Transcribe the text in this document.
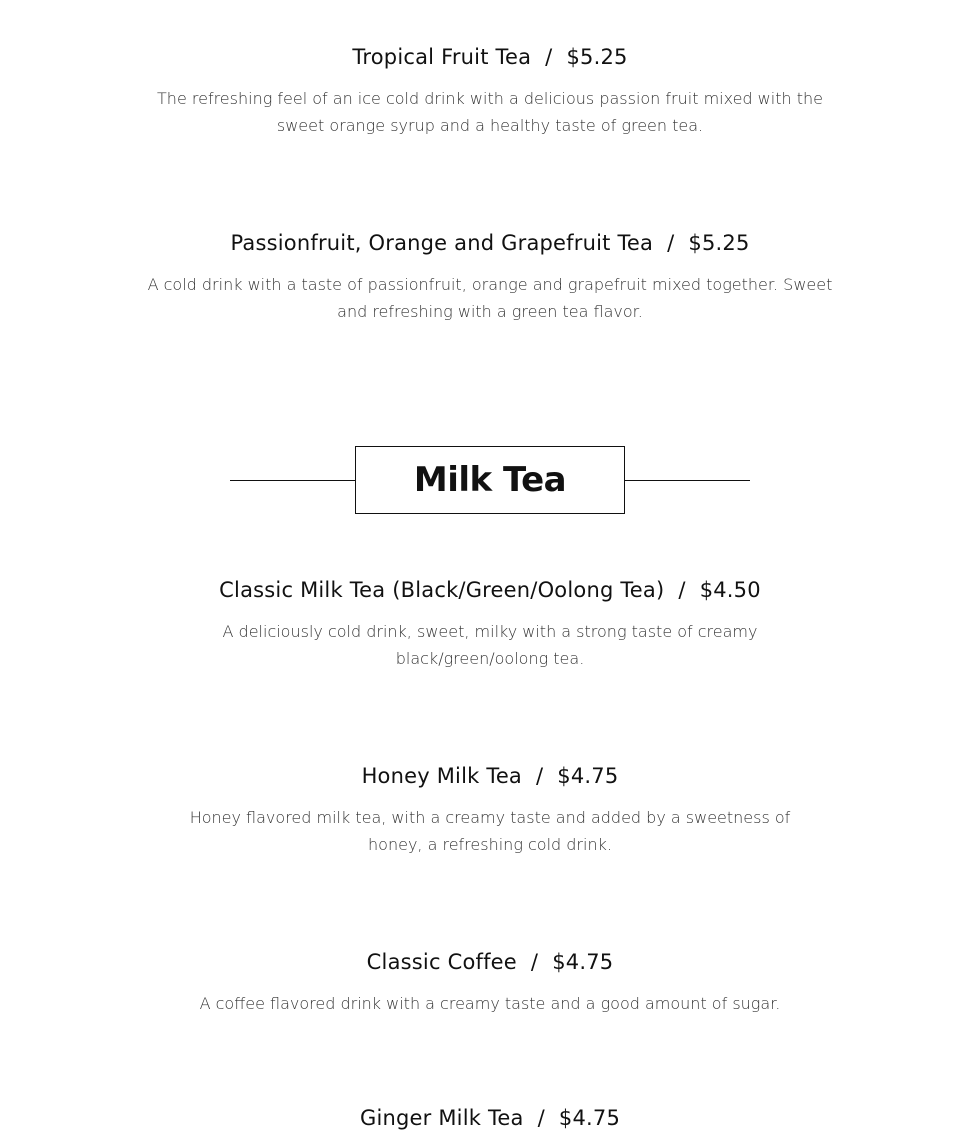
Tropical Fruit Tea / $5.25

The refreshing feel of an ice cold drink with a delicious passion fruit mixed with the sweet orange syrup and a healthy taste of green tea.

Passionfruit, Orange and Grapefruit Tea / $5.25

A cold drink with a taste of passionfruit, orange and grapefruit mixed together. Sweet and refreshing with a green tea flavor.

Milk Tea

Classic Milk Tea (Black/Green/Oolong Tea) / $4.50

A deliciously cold drink, sweet, milky with a strong taste of creamy black/green/oolong tea.

Honey Milk Tea / $4.75

Honey flavored milk tea, with a creamy taste and added by a sweetness of honey, a refreshing cold drink.

Classic Coffee / $4.75

A coffee flavored drink with a creamy taste and a good amount of sugar.

Ginger Milk Tea / $4.75
